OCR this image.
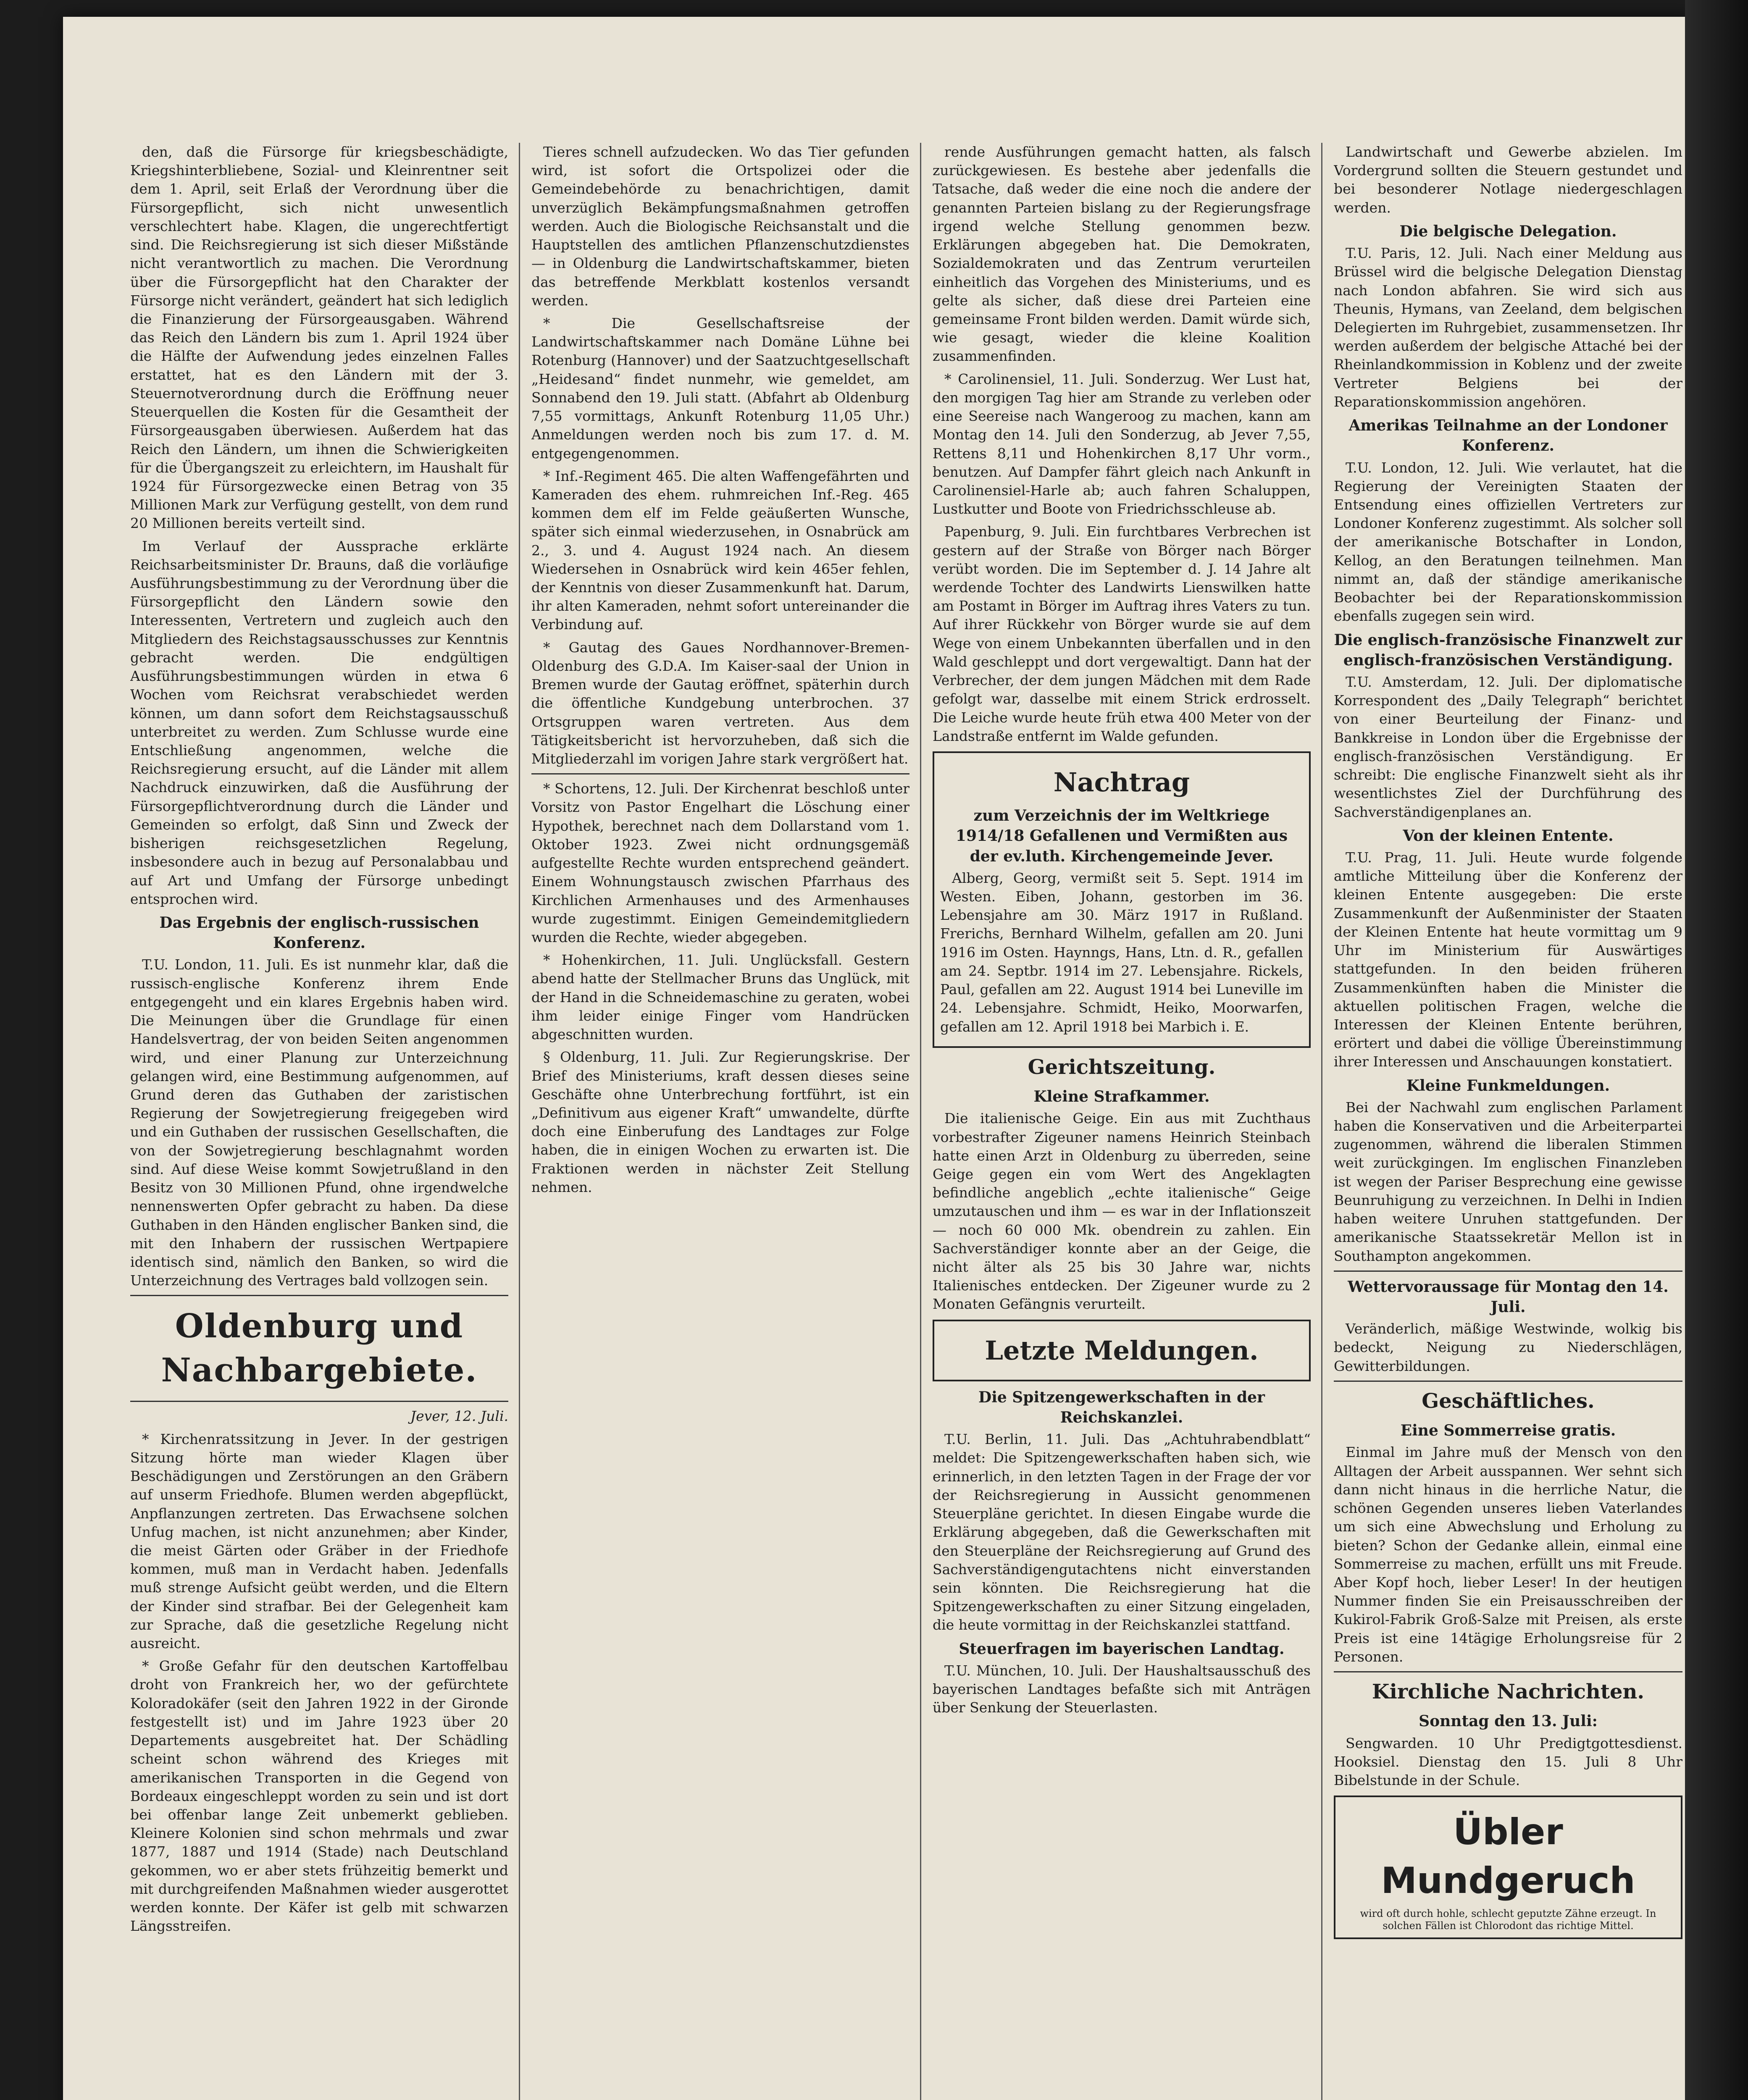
den, daß die Fürsorge für kriegsbeschädigte, Kriegshinterbliebene, Sozial- und Kleinrentner seit dem 1. April, seit Erlaß der Verordnung über die Fürsorgepflicht, sich nicht unwesentlich verschlechtert habe. Klagen, die ungerechtfertigt sind. Die Reichsregierung ist sich dieser Mißstände nicht verantwortlich zu machen. Die Verordnung über die Fürsorgepflicht hat den Charakter der Fürsorge nicht verändert, geändert hat sich lediglich die Finanzierung der Fürsorgeausgaben. Während das Reich den Ländern bis zum 1. April 1924 über die Hälfte der Aufwendung jedes einzelnen Falles erstattet, hat es den Ländern mit der 3. Steuernotverordnung durch die Eröffnung neuer Steuerquellen die Kosten für die Gesamtheit der Fürsorgeausgaben überwiesen. Außerdem hat das Reich den Ländern, um ihnen die Schwierigkeiten für die Übergangszeit zu erleichtern, im Haushalt für 1924 für Fürsorgezwecke einen Betrag von 35 Millionen Mark zur Verfügung gestellt, von dem rund 20 Millionen bereits verteilt sind.

Im Verlauf der Aussprache erklärte Reichsarbeitsminister Dr. Brauns, daß die vorläufige Ausführungsbestimmung zu der Verordnung über die Fürsorgepflicht den Ländern sowie den Interessenten, Vertretern und zugleich auch den Mitgliedern des Reichstagsausschusses zur Kenntnis gebracht werden. Die endgültigen Ausführungsbestimmungen würden in etwa 6 Wochen vom Reichsrat verabschiedet werden können, um dann sofort dem Reichstagsausschuß unterbreitet zu werden. Zum Schlusse wurde eine Entschließung angenommen, welche die Reichsregierung ersucht, auf die Länder mit allem Nachdruck einzuwirken, daß die Ausführung der Fürsorgepflichtverordnung durch die Länder und Gemeinden so erfolgt, daß Sinn und Zweck der bisherigen reichsgesetzlichen Regelung, insbesondere auch in bezug auf Personalabbau und auf Art und Umfang der Fürsorge unbedingt entsprochen wird.

Das Ergebnis der englisch-russischen Konferenz.

T.U. London, 11. Juli. Es ist nunmehr klar, daß die russisch-englische Konferenz ihrem Ende entgegengeht und ein klares Ergebnis haben wird. Die Meinungen über die Grundlage für einen Handelsvertrag, der von beiden Seiten angenommen wird, und einer Planung zur Unterzeichnung gelangen wird, eine Bestimmung aufgenommen, auf Grund deren das Guthaben der zaristischen Regierung der Sowjetregierung freigegeben wird und ein Guthaben der russischen Gesellschaften, die von der Sowjetregierung beschlagnahmt worden sind. Auf diese Weise kommt Sowjetrußland in den Besitz von 30 Millionen Pfund, ohne irgendwelche nennenswerten Opfer gebracht zu haben. Da diese Guthaben in den Händen englischer Banken sind, die mit den Inhabern der russischen Wertpapiere identisch sind, nämlich den Banken, so wird die Unterzeichnung des Vertrages bald vollzogen sein.

Oldenburg und Nachbargebiete.
Jever, 12. Juli.

* Kirchenratssitzung in Jever. In der gestrigen Sitzung hörte man wieder Klagen über Beschädigungen und Zerstörungen an den Gräbern auf unserm Friedhofe. Blumen werden abgepflückt, Anpflanzungen zertreten. Das Erwachsene solchen Unfug machen, ist nicht anzunehmen; aber Kinder, die meist Gärten oder Gräber in der Friedhofe kommen, muß man in Verdacht haben. Jedenfalls muß strenge Aufsicht geübt werden, und die Eltern der Kinder sind strafbar. Bei der Gelegenheit kam zur Sprache, daß die gesetzliche Regelung nicht ausreicht.

* Große Gefahr für den deutschen Kartoffelbau droht von Frankreich her, wo der gefürchtete Koloradokäfer (seit den Jahren 1922 in der Gironde festgestellt ist) und im Jahre 1923 über 20 Departements ausgebreitet hat. Der Schädling scheint schon während des Krieges mit amerikanischen Transporten in die Gegend von Bordeaux eingeschleppt worden zu sein und ist dort bei offenbar lange Zeit unbemerkt geblieben. Kleinere Kolonien sind schon mehrmals und zwar 1877, 1887 und 1914 (Stade) nach Deutschland gekommen, wo er aber stets frühzeitig bemerkt und mit durchgreifenden Maßnahmen wieder ausgerottet werden konnte. Der Käfer ist gelb mit schwarzen Längsstreifen.

Tieres schnell aufzudecken. Wo das Tier gefunden wird, ist sofort die Ortspolizei oder die Gemeindebehörde zu benachrichtigen, damit unverzüglich Bekämpfungsmaßnahmen getroffen werden. Auch die Biologische Reichsanstalt und die Hauptstellen des amtlichen Pflanzenschutzdienstes — in Oldenburg die Landwirtschaftskammer, bieten das betreffende Merkblatt kostenlos versandt werden.

* Die Gesellschaftsreise der Landwirtschaftskammer nach Domäne Lühne bei Rotenburg (Hannover) und der Saatzuchtgesellschaft „Heidesand“ findet nunmehr, wie gemeldet, am Sonnabend den 19. Juli statt. (Abfahrt ab Oldenburg 7,55 vormittags, Ankunft Rotenburg 11,05 Uhr.) Anmeldungen werden noch bis zum 17. d. M. entgegengenommen.

* Inf.-Regiment 465. Die alten Waffengefährten und Kameraden des ehem. ruhmreichen Inf.-Reg. 465 kommen dem elf im Felde geäußerten Wunsche, später sich einmal wiederzusehen, in Osnabrück am 2., 3. und 4. August 1924 nach. An diesem Wiedersehen in Osnabrück wird kein 465er fehlen, der Kenntnis von dieser Zusammenkunft hat. Darum, ihr alten Kameraden, nehmt sofort untereinander die Verbindung auf.

* Gautag des Gaues Nordhannover-Bremen-Oldenburg des G.D.A. Im Kaiser-saal der Union in Bremen wurde der Gautag eröffnet, späterhin durch die öffentliche Kundgebung unterbrochen. 37 Ortsgruppen waren vertreten. Aus dem Tätigkeitsbericht ist hervorzuheben, daß sich die Mitgliederzahl im vorigen Jahre stark vergrößert hat.

* Schortens, 12. Juli. Der Kirchenrat beschloß unter Vorsitz von Pastor Engelhart die Löschung einer Hypothek, berechnet nach dem Dollarstand vom 1. Oktober 1923. Zwei nicht ordnungsgemäß aufgestellte Rechte wurden entsprechend geändert. Einem Wohnungstausch zwischen Pfarrhaus des Kirchlichen Armenhauses und des Armenhauses wurde zugestimmt. Einigen Gemeindemitgliedern wurden die Rechte, wieder abgegeben.

* Hohenkirchen, 11. Juli. Unglücksfall. Gestern abend hatte der Stellmacher Bruns das Unglück, mit der Hand in die Schneidemaschine zu geraten, wobei ihm leider einige Finger vom Handrücken abgeschnitten wurden.

§ Oldenburg, 11. Juli. Zur Regierungskrise. Der Brief des Ministeriums, kraft dessen dieses seine Geschäfte ohne Unterbrechung fortführt, ist ein „Definitivum aus eigener Kraft“ umwandelte, dürfte doch eine Einberufung des Landtages zur Folge haben, die in einigen Wochen zu erwarten ist. Die Fraktionen werden in nächster Zeit Stellung nehmen.

rende Ausführungen gemacht hatten, als falsch zurückgewiesen. Es bestehe aber jedenfalls die Tatsache, daß weder die eine noch die andere der genannten Parteien bislang zu der Regierungsfrage irgend welche Stellung genommen bezw. Erklärungen abgegeben hat. Die Demokraten, Sozialdemokraten und das Zentrum verurteilen einheitlich das Vorgehen des Ministeriums, und es gelte als sicher, daß diese drei Parteien eine gemeinsame Front bilden werden. Damit würde sich, wie gesagt, wieder die kleine Koalition zusammenfinden.

* Carolinensiel, 11. Juli. Sonderzug. Wer Lust hat, den morgigen Tag hier am Strande zu verleben oder eine Seereise nach Wangeroog zu machen, kann am Montag den 14. Juli den Sonderzug, ab Jever 7,55, Rettens 8,11 und Hohenkirchen 8,17 Uhr vorm., benutzen. Auf Dampfer fährt gleich nach Ankunft in Carolinensiel-Harle ab; auch fahren Schaluppen, Lustkutter und Boote von Friedrichsschleuse ab.

Papenburg, 9. Juli. Ein furchtbares Verbrechen ist gestern auf der Straße von Börger nach Börger verübt worden. Die im September d. J. 14 Jahre alt werdende Tochter des Landwirts Lienswilken hatte am Postamt in Börger im Auftrag ihres Vaters zu tun. Auf ihrer Rückkehr von Börger wurde sie auf dem Wege von einem Unbekannten überfallen und in den Wald geschleppt und dort vergewaltigt. Dann hat der Verbrecher, der dem jungen Mädchen mit dem Rade gefolgt war, dasselbe mit einem Strick erdrosselt. Die Leiche wurde heute früh etwa 400 Meter von der Landstraße entfernt im Walde gefunden.

Nachtrag

zum Verzeichnis der im Weltkriege 1914/18 Gefallenen und Vermißten aus der ev.luth. Kirchengemeinde Jever.

Alberg, Georg, vermißt seit 5. Sept. 1914 im Westen. Eiben, Johann, gestorben im 36. Lebensjahre am 30. März 1917 in Rußland. Frerichs, Bernhard Wilhelm, gefallen am 20. Juni 1916 im Osten. Haynngs, Hans, Ltn. d. R., gefallen am 24. Septbr. 1914 im 27. Lebensjahre. Rickels, Paul, gefallen am 22. August 1914 bei Luneville im 24. Lebensjahre. Schmidt, Heiko, Moorwarfen, gefallen am 12. April 1918 bei Marbich i. E.

Gerichtszeitung.

Kleine Strafkammer.

Die italienische Geige. Ein aus mit Zuchthaus vorbestrafter Zigeuner namens Heinrich Steinbach hatte einen Arzt in Oldenburg zu überreden, seine Geige gegen ein vom Wert des Angeklagten befindliche angeblich „echte italienische“ Geige umzutauschen und ihm — es war in der Inflationszeit — noch 60 000 Mk. obendrein zu zahlen. Ein Sachverständiger konnte aber an der Geige, die nicht älter als 25 bis 30 Jahre war, nichts Italienisches entdecken. Der Zigeuner wurde zu 2 Monaten Gefängnis verurteilt.

Letzte Meldungen.

Die Spitzengewerkschaften in der Reichskanzlei.

T.U. Berlin, 11. Juli. Das „Achtuhrabendblatt“ meldet: Die Spitzengewerkschaften haben sich, wie erinnerlich, in den letzten Tagen in der Frage der vor der Reichsregierung in Aussicht genommenen Steuerpläne gerichtet. In diesen Eingabe wurde die Erklärung abgegeben, daß die Gewerkschaften mit den Steuerpläne der Reichsregierung auf Grund des Sachverständigengutachtens nicht einverstanden sein könnten. Die Reichsregierung hat die Spitzengewerkschaften zu einer Sitzung eingeladen, die heute vormittag in der Reichskanzlei stattfand.

Steuerfragen im bayerischen Landtag.

T.U. München, 10. Juli. Der Haushaltsausschuß des bayerischen Landtages befaßte sich mit Anträgen über Senkung der Steuerlasten.

Landwirtschaft und Gewerbe abzielen. Im Vordergrund sollten die Steuern gestundet und bei besonderer Notlage niedergeschlagen werden.

Die belgische Delegation.

T.U. Paris, 12. Juli. Nach einer Meldung aus Brüssel wird die belgische Delegation Dienstag nach London abfahren. Sie wird sich aus Theunis, Hymans, van Zeeland, dem belgischen Delegierten im Ruhrgebiet, zusammensetzen. Ihr werden außerdem der belgische Attaché bei der Rheinlandkommission in Koblenz und der zweite Vertreter Belgiens bei der Reparationskommission angehören.

Amerikas Teilnahme an der Londoner Konferenz.

T.U. London, 12. Juli. Wie verlautet, hat die Regierung der Vereinigten Staaten der Entsendung eines offiziellen Vertreters zur Londoner Konferenz zugestimmt. Als solcher soll der amerikanische Botschafter in London, Kellog, an den Beratungen teilnehmen. Man nimmt an, daß der ständige amerikanische Beobachter bei der Reparationskommission ebenfalls zugegen sein wird.

Die englisch-französische Finanzwelt zur englisch-französischen Verständigung.

T.U. Amsterdam, 12. Juli. Der diplomatische Korrespondent des „Daily Telegraph“ berichtet von einer Beurteilung der Finanz- und Bankkreise in London über die Ergebnisse der englisch-französischen Verständigung. Er schreibt: Die englische Finanzwelt sieht als ihr wesentlichstes Ziel der Durchführung des Sachverständigenplanes an.

Von der kleinen Entente.

T.U. Prag, 11. Juli. Heute wurde folgende amtliche Mitteilung über die Konferenz der kleinen Entente ausgegeben: Die erste Zusammenkunft der Außenminister der Staaten der Kleinen Entente hat heute vormittag um 9 Uhr im Ministerium für Auswärtiges stattgefunden. In den beiden früheren Zusammenkünften haben die Minister die aktuellen politischen Fragen, welche die Interessen der Kleinen Entente berühren, erörtert und dabei die völlige Übereinstimmung ihrer Interessen und Anschauungen konstatiert.

Kleine Funkmeldungen.

Bei der Nachwahl zum englischen Parlament haben die Konservativen und die Arbeiterpartei zugenommen, während die liberalen Stimmen weit zurückgingen. Im englischen Finanzleben ist wegen der Pariser Besprechung eine gewisse Beunruhigung zu verzeichnen. In Delhi in Indien haben weitere Unruhen stattgefunden. Der amerikanische Staatssekretär Mellon ist in Southampton angekommen.

Wettervoraussage für Montag den 14. Juli.

Veränderlich, mäßige Westwinde, wolkig bis bedeckt, Neigung zu Niederschlägen, Gewitterbildungen.

Geschäftliches.

Eine Sommerreise gratis.

Einmal im Jahre muß der Mensch von den Alltagen der Arbeit ausspannen. Wer sehnt sich dann nicht hinaus in die herrliche Natur, die schönen Gegenden unseres lieben Vaterlandes um sich eine Abwechslung und Erholung zu bieten? Schon der Gedanke allein, einmal eine Sommerreise zu machen, erfüllt uns mit Freude. Aber Kopf hoch, lieber Leser! In der heutigen Nummer finden Sie ein Preisausschreiben der Kukirol-Fabrik Groß-Salze mit Preisen, als erste Preis ist eine 14tägige Erholungsreise für 2 Personen.

Kirchliche Nachrichten.

Sonntag den 13. Juli:

Sengwarden. 10 Uhr Predigtgottesdienst. Hooksiel. Dienstag den 15. Juli 8 Uhr Bibelstunde in der Schule.

Übler Mundgeruch
wird oft durch hohle, schlecht geputzte Zähne erzeugt. In solchen Fällen ist Chlorodont das richtige Mittel.
